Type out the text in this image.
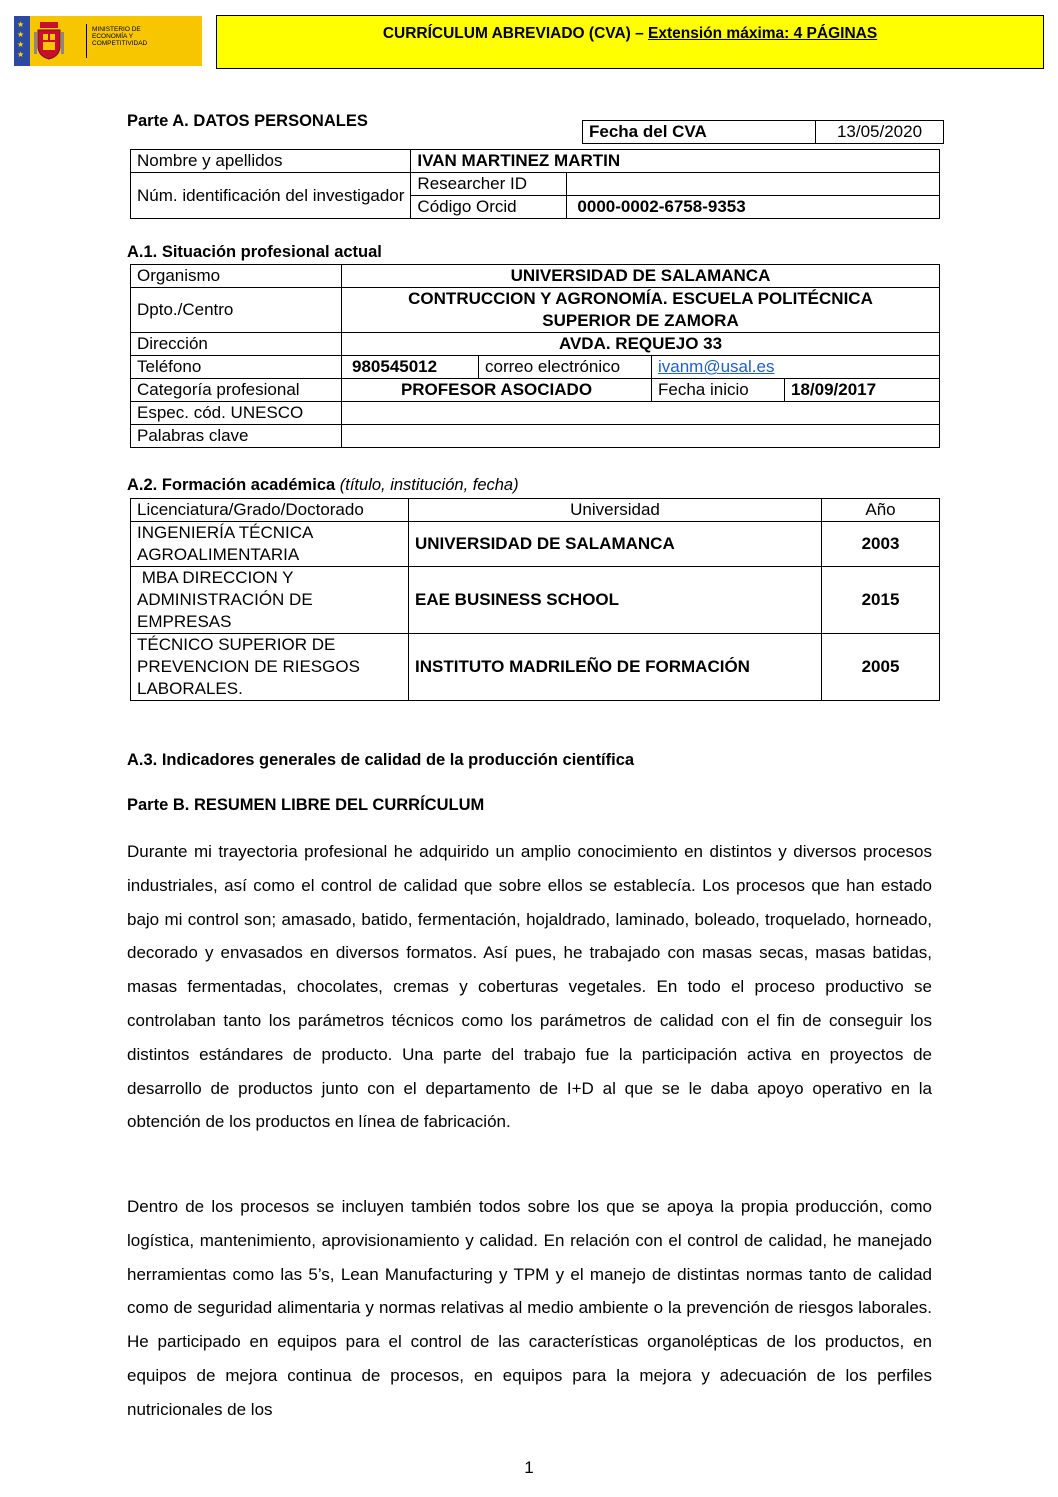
★
★
★
★
MINISTERIO DE ECONOMÍA Y COMPETITIVIDAD
CURRÍCULUM ABREVIADO (CVA) – Extensión máxima: 4 PÁGINAS
Parte A. DATOS PERSONALES
Fecha del CVA	13/05/2020
Nombre y apellidos	IVAN MARTINEZ MARTIN	
Núm. identificación del investigador	Researcher ID	
	Código Orcid	0000-0002-6758-9353
A.1. Situación profesional actual
Organismo	UNIVERSIDAD DE SALAMANCA			
Dpto./Centro	CONTRUCCION Y AGRONOMÍA. ESCUELA POLITÉCNICA
SUPERIOR DE ZAMORA			
Dirección	AVDA. REQUEJO 33			
Teléfono	980545012	correo electrónico	ivanm@usal.es	
Categoría profesional	PROFESOR ASOCIADO		Fecha inicio	18/09/2017
Espec. cód. UNESCO				
Palabras clave				
A.2. Formación académica (título, institución, fecha)
Licenciatura/Grado/Doctorado	Universidad	Año
INGENIERÍA TÉCNICA
AGROALIMENTARIA	UNIVERSIDAD DE SALAMANCA	2003
MBA DIRECCION Y
ADMINISTRACIÓN DE
EMPRESAS	EAE BUSINESS SCHOOL	2015
TÉCNICO SUPERIOR DE
PREVENCION DE RIESGOS
LABORALES.	INSTITUTO MADRILEÑO DE FORMACIÓN	2005
A.3. Indicadores generales de calidad de la producción científica
Parte B. RESUMEN LIBRE DEL CURRÍCULUM
Durante mi trayectoria profesional he adquirido un amplio conocimiento en distintos y diversos procesos industriales, así como el control de calidad que sobre ellos se establecía. Los procesos que han estado bajo mi control son; amasado, batido, fermentación, hojaldrado, laminado, boleado, troquelado, horneado, decorado y envasados en diversos formatos. Así pues, he trabajado con masas secas, masas batidas, masas fermentadas, chocolates, cremas y coberturas vegetales. En todo el proceso productivo se controlaban tanto los parámetros técnicos como los parámetros de calidad con el fin de conseguir los distintos estándares de producto. Una parte del trabajo fue la participación activa en proyectos de desarrollo de productos junto con el departamento de I+D al que se le daba apoyo operativo en la obtención de los productos en línea de fabricación.
Dentro de los procesos se incluyen también todos sobre los que se apoya la propia producción, como logística, mantenimiento, aprovisionamiento y calidad. En relación con el control de calidad, he manejado herramientas como las 5’s, Lean Manufacturing y TPM y el manejo de distintas normas tanto de calidad como de seguridad alimentaria y normas relativas al medio ambiente o la prevención de riesgos laborales. He participado en equipos para el control de las características organolépticas de los productos, en equipos de mejora continua de procesos, en equipos para la mejora y adecuación de los perfiles nutricionales de los
1
